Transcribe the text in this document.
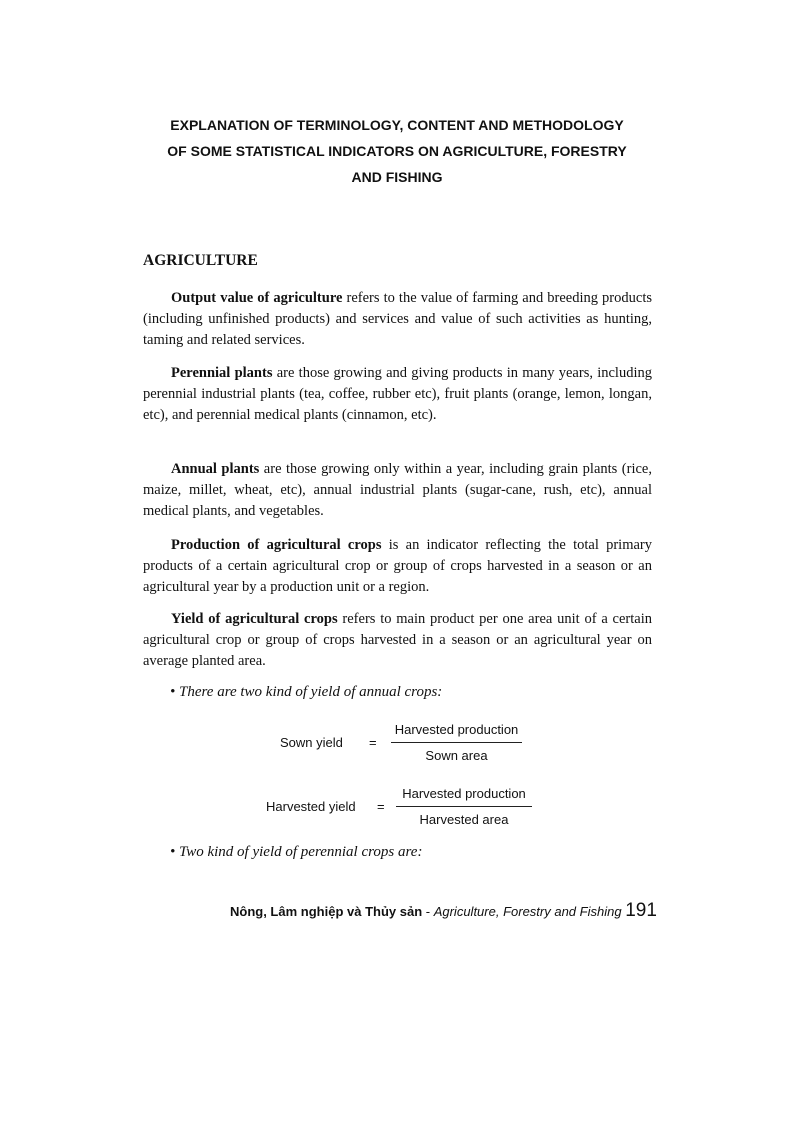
EXPLANATION OF TERMINOLOGY, CONTENT AND METHODOLOGY
OF SOME STATISTICAL INDICATORS ON AGRICULTURE, FORESTRY
AND FISHING
AGRICULTURE

Output value of agriculture refers to the value of farming and breeding products (including unfinished products) and services and value of such activities as hunting, taming and related services.

Perennial plants are those growing and giving products in many years, including perennial industrial plants (tea, coffee, rubber etc), fruit plants (orange, lemon, longan, etc), and perennial medical plants (cinnamon, etc).

Annual plants are those growing only within a year, including grain plants (rice, maize, millet, wheat, etc), annual industrial plants (sugar-cane, rush, etc), annual medical plants, and vegetables.

Production of agricultural crops is an indicator reflecting the total primary products of a certain agricultural crop or group of crops harvested in a season or an agricultural year by a production unit or a region.

Yield of agricultural crops refers to main product per one area unit of a certain agricultural crop or group of crops harvested in a season or an agricultural year on average planted area.

• There are two kind of yield of annual crops:

Sown yield =
Harvested production
Sown area
Harvested yield =
Harvested production
Harvested area

• Two kind of yield of perennial crops are:

Nông, Lâm nghiệp và Thủy sản - Agriculture, Forestry and Fishing 191
